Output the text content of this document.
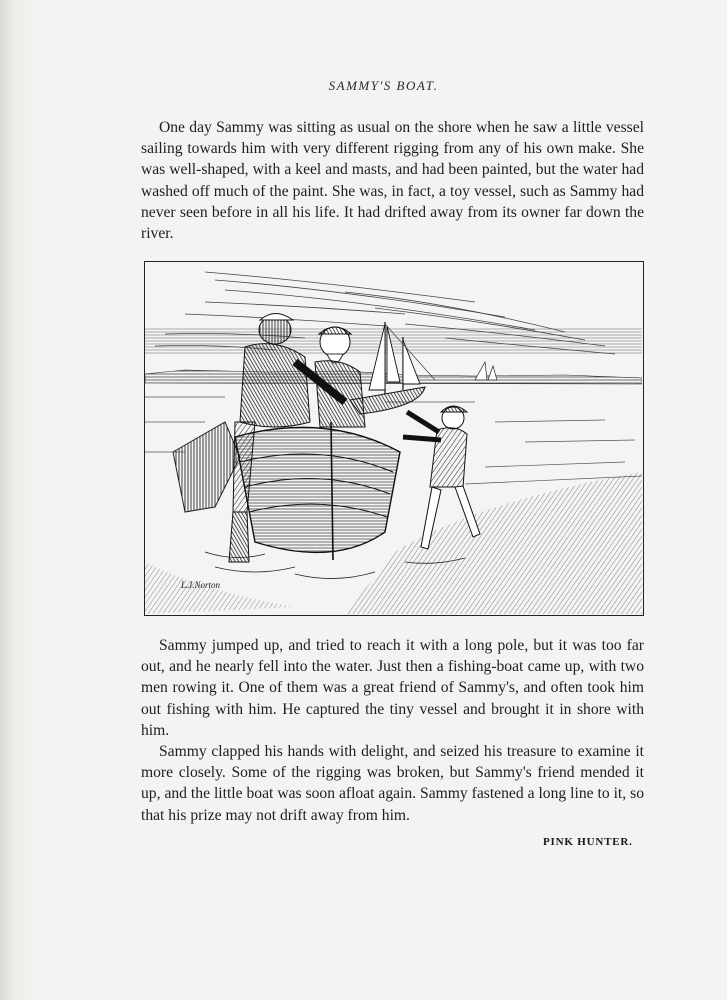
SAMMY'S BOAT.

One day Sammy was sitting as usual on the shore when he saw a little vessel sailing towards him with very different rigging from any of his own make. She was well-shaped, with a keel and masts, and had been painted, but the water had washed off much of the paint. She was, in fact, a toy vessel, such as Sammy had never seen before in all his life. It had drifted away from its owner far down the river.

L.J.Norton

Sammy jumped up, and tried to reach it with a long pole, but it was too far out, and he nearly fell into the water. Just then a fishing-boat came up, with two men rowing it. One of them was a great friend of Sammy's, and often took him out fishing with him. He captured the tiny vessel and brought it in shore with him.

Sammy clapped his hands with delight, and seized his treasure to examine it more closely. Some of the rigging was broken, but Sammy's friend mended it up, and the little boat was soon afloat again. Sammy fastened a long line to it, so that his prize may not drift away from him.

PINK HUNTER.
